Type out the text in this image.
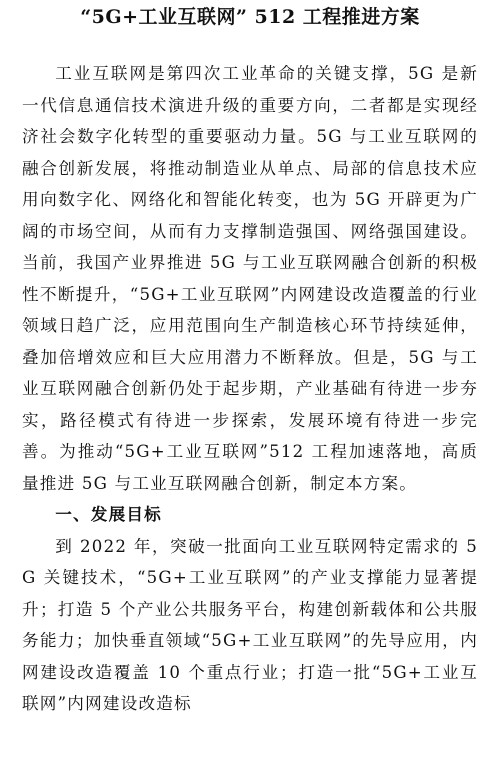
“5G+工业互联网” 512 工程推进方案

工业互联网是第四次工业革命的关键支撑，5G 是新一代信息通信技术演进升级的重要方向，二者都是实现经济社会数字化转型的重要驱动力量。5G 与工业互联网的融合创新发展，将推动制造业从单点、局部的信息技术应用向数字化、网络化和智能化转变，也为 5G 开辟更为广阔的市场空间，从而有力支撑制造强国、网络强国建设。当前，我国产业界推进 5G 与工业互联网融合创新的积极性不断提升，“5G+工业互联网”内网建设改造覆盖的行业领域日趋广泛，应用范围向生产制造核心环节持续延伸，叠加倍增效应和巨大应用潜力不断释放。但是，5G 与工业互联网融合创新仍处于起步期，产业基础有待进一步夯实，路径模式有待进一步探索，发展环境有待进一步完善。为推动“5G+工业互联网”512 工程加速落地，高质量推进 5G 与工业互联网融合创新，制定本方案。

一、发展目标

到 2022 年，突破一批面向工业互联网特定需求的 5G 关键技术，“5G+工业互联网”的产业支撑能力显著提升；打造 5 个产业公共服务平台，构建创新载体和公共服务能力；加快垂直领域“5G+工业互联网”的先导应用，内网建设改造覆盖 10 个重点行业；打造一批“5G+工业互联网”内网建设改造标
